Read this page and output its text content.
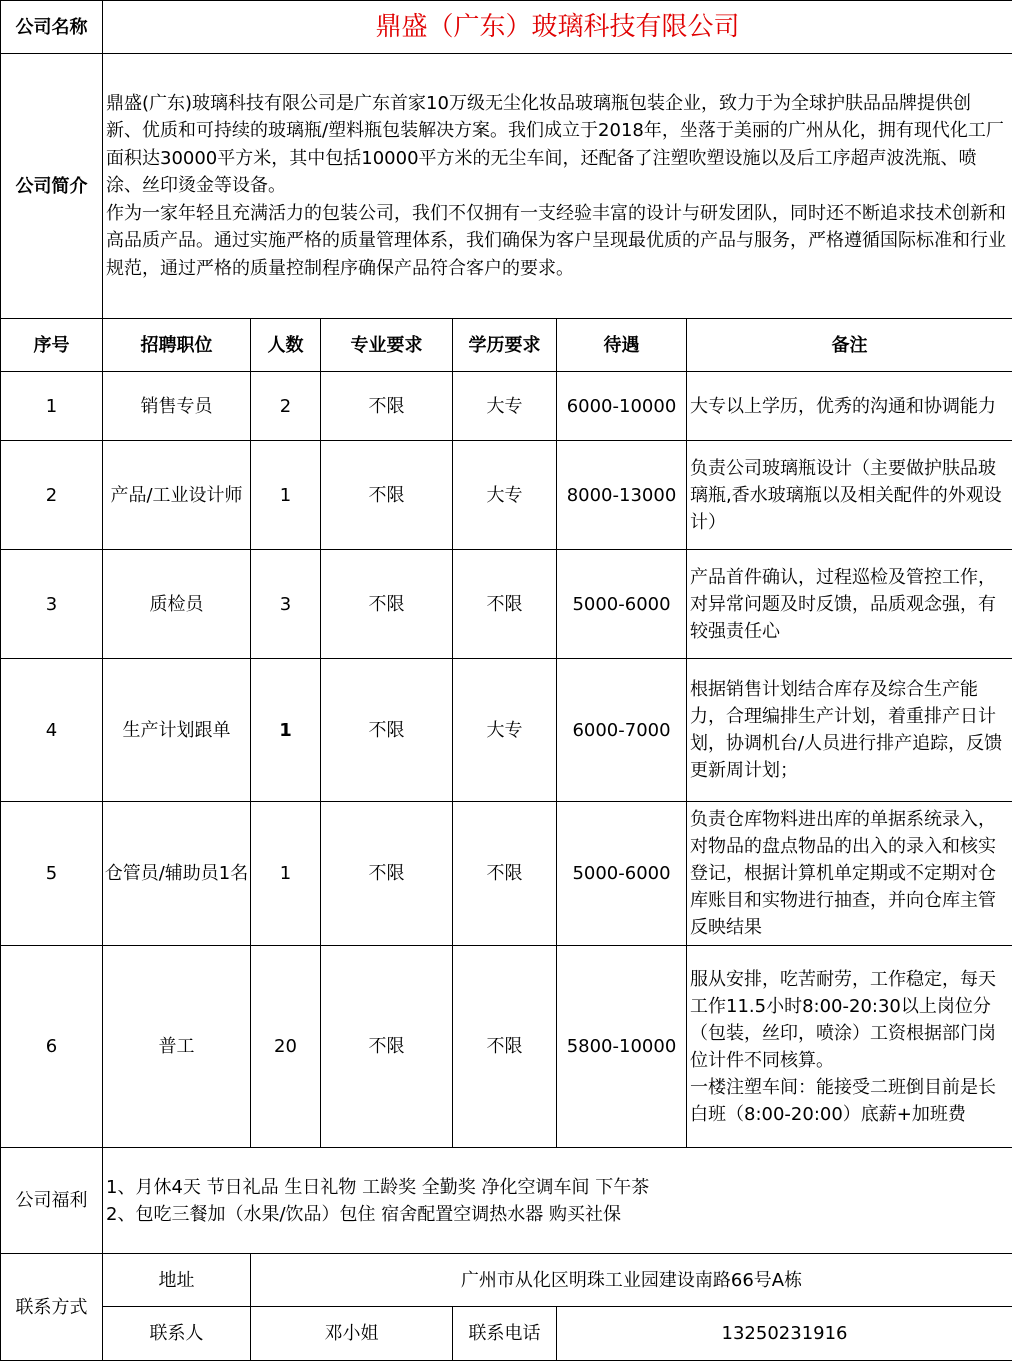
公司名称	鼎盛（广东）玻璃科技有限公司					
公司简介	鼎盛(广东)玻璃科技有限公司是广东首家10万级无尘化妆品玻璃瓶包装企业，致力于为全球护肤品品牌提供创新、优质和可持续的玻璃瓶/塑料瓶包装解决方案。我们成立于2018年，坐落于美丽的广州从化，拥有现代化工厂面积达30000平方米，其中包括10000平方米的无尘车间，还配备了注塑吹塑设施以及后工序超声波洗瓶、喷涂、丝印烫金等设备。
作为一家年轻且充满活力的包装公司，我们不仅拥有一支经验丰富的设计与研发团队，同时还不断追求技术创新和高品质产品。通过实施严格的质量管理体系，我们确保为客户呈现最优质的产品与服务，严格遵循国际标准和行业规范，通过严格的质量控制程序确保产品符合客户的要求。					

序号	招聘职位	人数	专业要求	学历要求	待遇	备注
1	销售专员	2	不限	大专	6000-10000	大专以上学历，优秀的沟通和协调能力
2	产品/工业设计师	1	不限	大专	8000-13000	负责公司玻璃瓶设计（主要做护肤品玻璃瓶,香水玻璃瓶以及相关配件的外观设计）
3	质检员	3	不限	不限	5000-6000	产品首件确认，过程巡检及管控工作，对异常问题及时反馈，品质观念强，有较强责任心
4	生产计划跟单	1	不限	大专	6000-7000	根据销售计划结合库存及综合生产能力，合理编排生产计划，着重排产日计划，协调机台/人员进行排产追踪，反馈更新周计划；
5	仓管员/辅助员1名	1	不限	不限	5000-6000	负责仓库物料进出库的单据系统录入，对物品的盘点物品的出入的录入和核实登记，根据计算机单定期或不定期对仓库账目和实物进行抽查，并向仓库主管反映结果
6	普工	20	不限	不限	5800-10000	服从安排，吃苦耐劳，工作稳定，每天工作11.5小时8:00-20:30以上岗位分（包装，丝印，喷涂）工资根据部门岗位计件不同核算。
一楼注塑车间：能接受二班倒目前是长白班（8:00-20:00）底薪+加班费

公司福利	1、月休4天 节日礼品 生日礼物 工龄奖 全勤奖 净化空调车间 下午茶
2、包吃三餐加（水果/饮品）包住 宿舍配置空调热水器 购买社保					

联系方式	地址	广州市从化区明珠工业园建设南路66号A栋				
	联系人	邓小姐		联系电话	13250231916	
